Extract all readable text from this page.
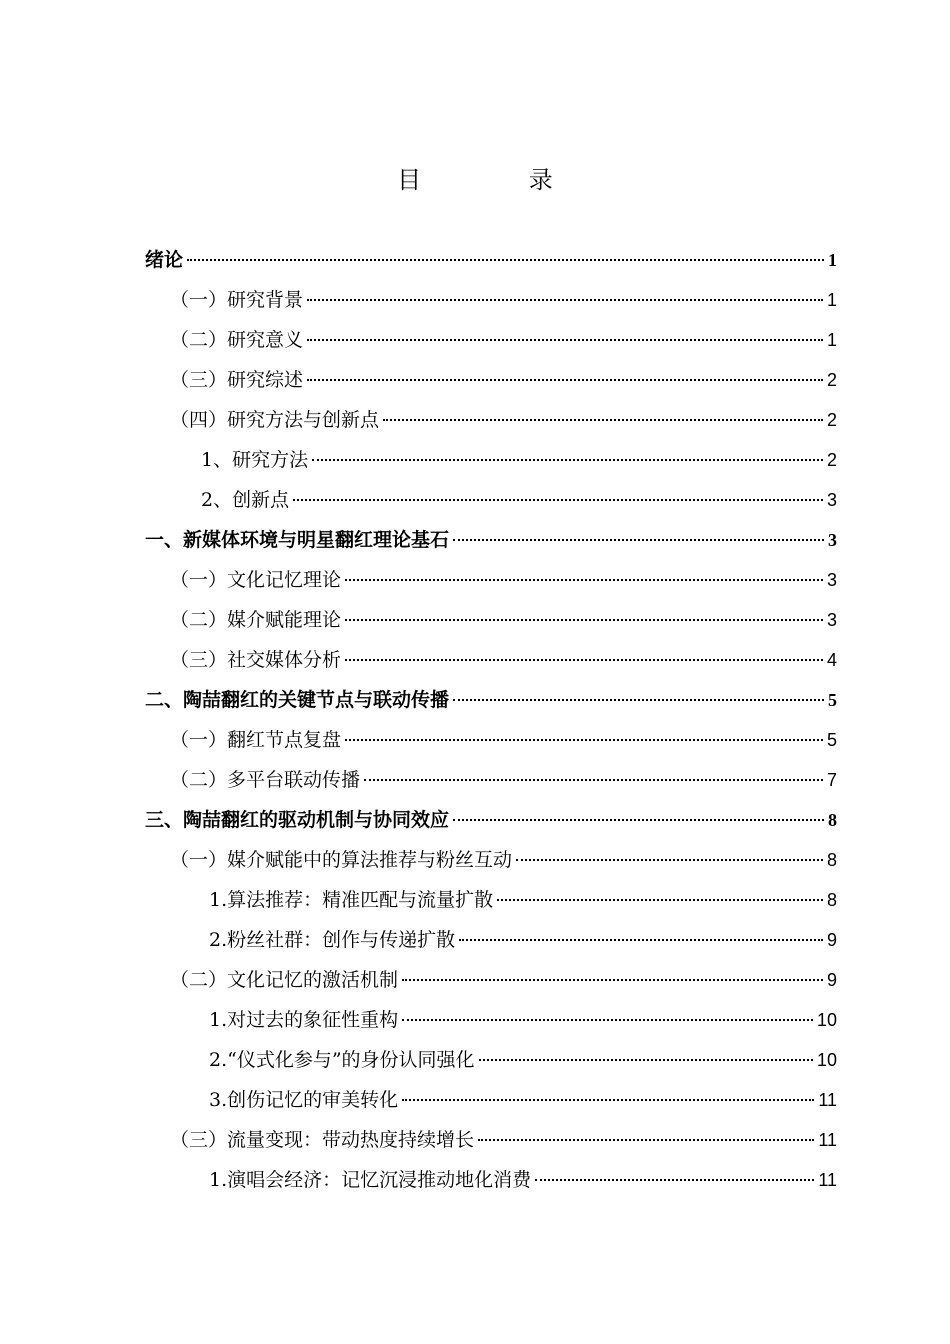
目 录
绪论	1
（一）研究背景	1
（二）研究意义	1
（三）研究综述	2
（四）研究方法与创新点	2
1、研究方法	2
2、创新点	3
一、新媒体环境与明星翻红理论基石	3
（一）文化记忆理论	3
（二）媒介赋能理论	3
（三）社交媒体分析	4
二、陶喆翻红的关键节点与联动传播	5
（一）翻红节点复盘	5
（二）多平台联动传播	7
三、陶喆翻红的驱动机制与协同效应	8
（一）媒介赋能中的算法推荐与粉丝互动	8
1.算法推荐：精准匹配与流量扩散	8
2.粉丝社群：创作与传递扩散	9
（二）文化记忆的激活机制	9
1.对过去的象征性重构	10
2.“仪式化参与”的身份认同强化	10
3.创伤记忆的审美转化	11
（三）流量变现：带动热度持续增长	11
1.演唱会经济：记忆沉浸推动地化消费	11
